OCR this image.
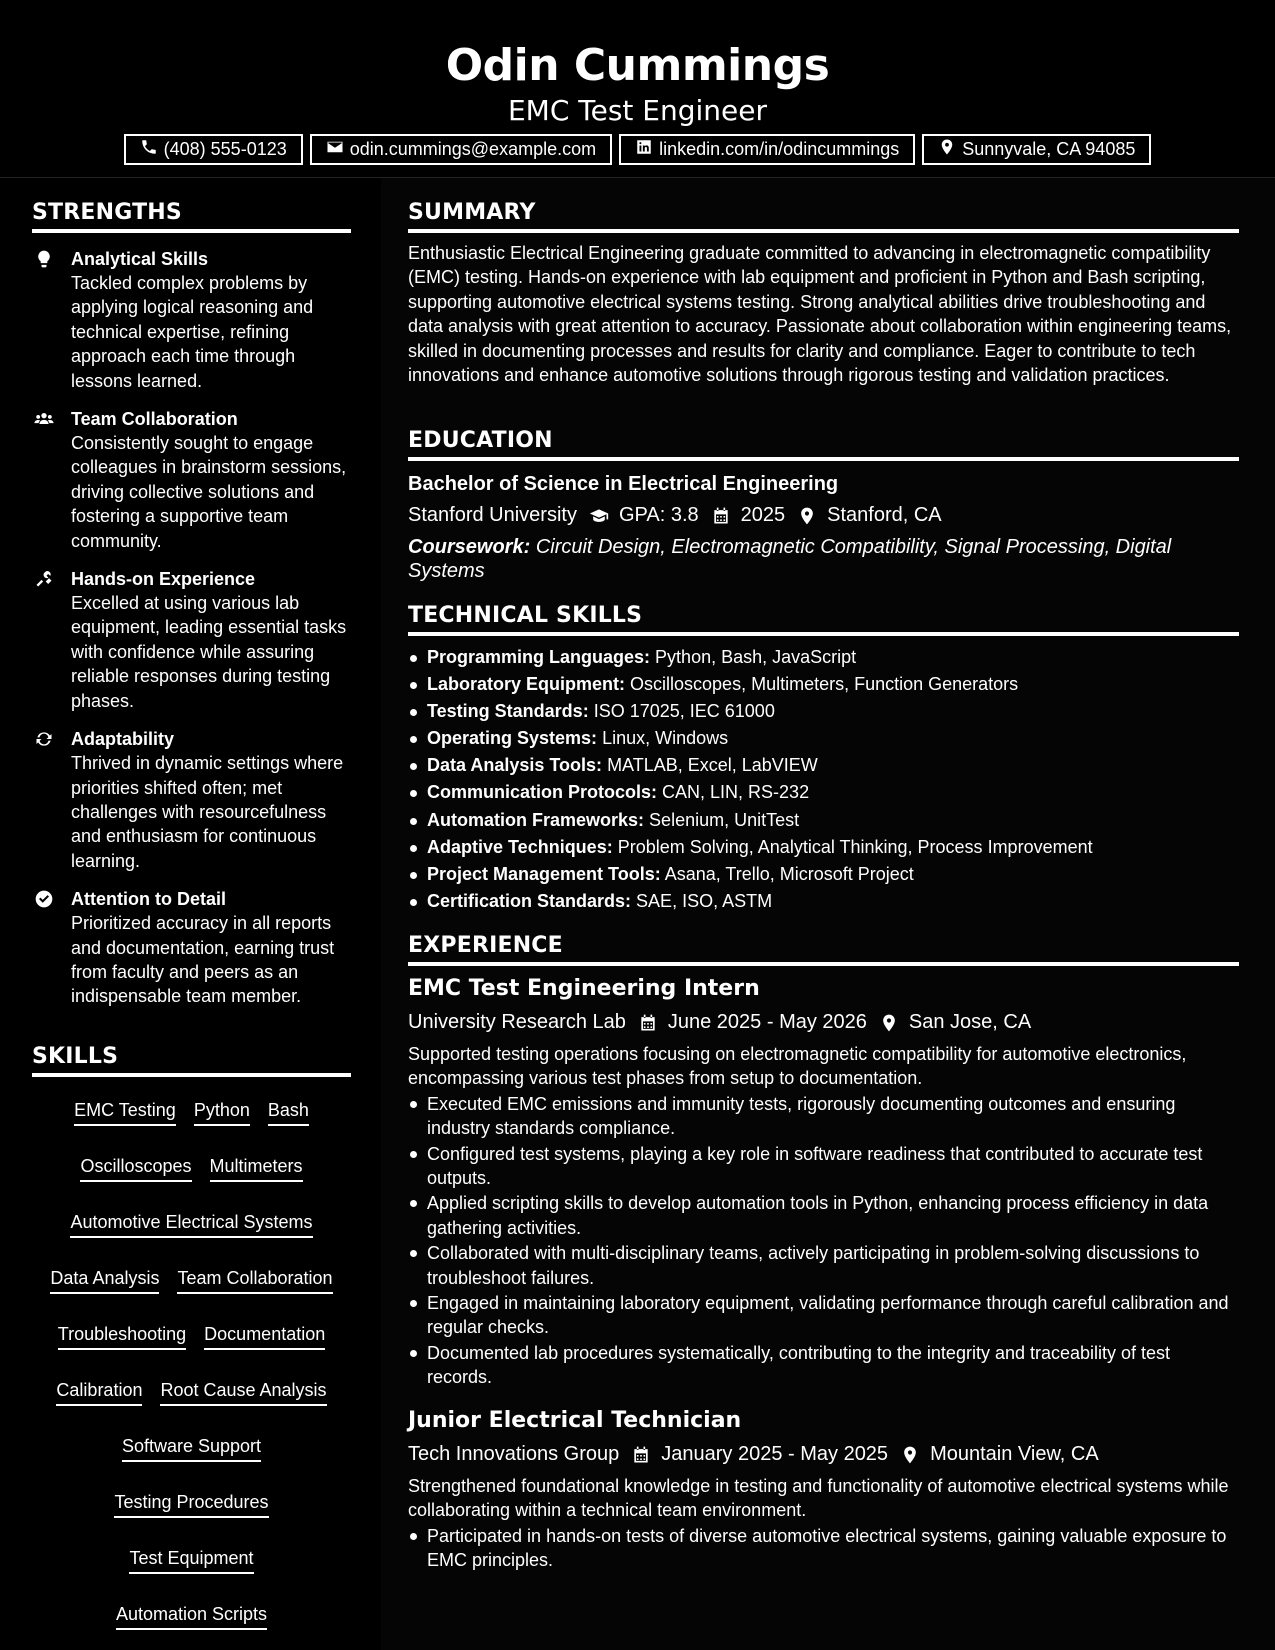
Odin Cummings
EMC Test Engineer
(408) 555-0123	odin.cummings@example.com	linkedin.com/in/odincummings	Sunnyvale, CA 94085
STRENGTHS
Analytical Skills
Tackled complex problems by applying logical reasoning and technical expertise, refining approach each time through lessons learned.
Team Collaboration
Consistently sought to engage colleagues in brainstorm sessions, driving collective solutions and fostering a supportive team community.
Hands-on Experience
Excelled at using various lab equipment, leading essential tasks with confidence while assuring reliable responses during testing phases.
Adaptability
Thrived in dynamic settings where priorities shifted often; met challenges with resourcefulness and enthusiasm for continuous learning.
Attention to Detail
Prioritized accuracy in all reports and documentation, earning trust from faculty and peers as an indispensable team member.
SKILLS
EMC Testing Python Bash
Oscilloscopes Multimeters
Automotive Electrical Systems
Data Analysis Team Collaboration
Troubleshooting Documentation
Calibration Root Cause Analysis
Software Support
Testing Procedures
Test Equipment
Automation Scripts
SUMMARY

Enthusiastic Electrical Engineering graduate committed to advancing in electromagnetic compatibility (EMC) testing. Hands-on experience with lab equipment and proficient in Python and Bash scripting, supporting automotive electrical systems testing. Strong analytical abilities drive troubleshooting and data analysis with great attention to accuracy. Passionate about collaboration within engineering teams, skilled in documenting processes and results for clarity and compliance. Eager to contribute to tech innovations and enhance automotive solutions through rigorous testing and validation practices.

EDUCATION
Bachelor of Science in Electrical Engineering
Stanford University GPA: 3.8 2025 Stanford, CA
Coursework: Circuit Design, Electromagnetic Compatibility, Signal Processing, Digital Systems
TECHNICAL SKILLS
Programming Languages: Python, Bash, JavaScript
Laboratory Equipment: Oscilloscopes, Multimeters, Function Generators
Testing Standards: ISO 17025, IEC 61000
Operating Systems: Linux, Windows
Data Analysis Tools: MATLAB, Excel, LabVIEW
Communication Protocols: CAN, LIN, RS-232
Automation Frameworks: Selenium, UnitTest
Adaptive Techniques: Problem Solving, Analytical Thinking, Process Improvement
Project Management Tools: Asana, Trello, Microsoft Project
Certification Standards: SAE, ISO, ASTM
EXPERIENCE
EMC Test Engineering Intern
University Research Lab June 2025 - May 2026 San Jose, CA

Supported testing operations focusing on electromagnetic compatibility for automotive electronics, encompassing various test phases from setup to documentation.

Executed EMC emissions and immunity tests, rigorously documenting outcomes and ensuring industry standards compliance.
Configured test systems, playing a key role in software readiness that contributed to accurate test outputs.
Applied scripting skills to develop automation tools in Python, enhancing process efficiency in data gathering activities.
Collaborated with multi-disciplinary teams, actively participating in problem-solving discussions to troubleshoot failures.
Engaged in maintaining laboratory equipment, validating performance through careful calibration and regular checks.
Documented lab procedures systematically, contributing to the integrity and traceability of test records.
Junior Electrical Technician
Tech Innovations Group January 2025 - May 2025 Mountain View, CA

Strengthened foundational knowledge in testing and functionality of automotive electrical systems while collaborating within a technical team environment.

Participated in hands-on tests of diverse automotive electrical systems, gaining valuable exposure to EMC principles.
